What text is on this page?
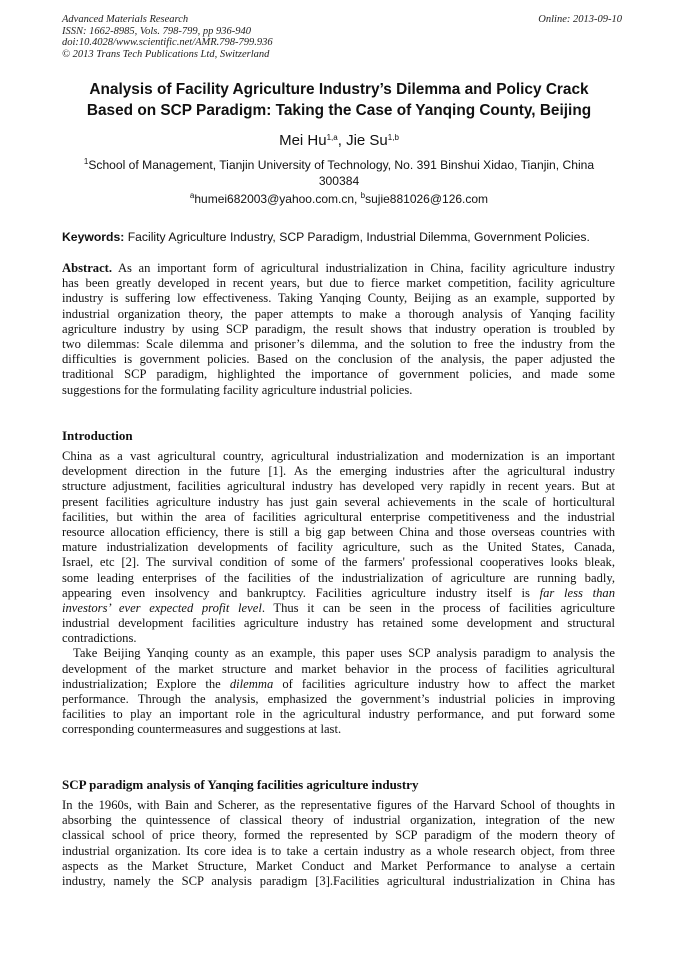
Advanced Materials Research
ISSN: 1662-8985, Vols. 798-799, pp 936-940
doi:10.4028/www.scientific.net/AMR.798-799.936
© 2013 Trans Tech Publications Ltd, Switzerland
Online: 2013-09-10
Analysis of Facility Agriculture Industry’s Dilemma and Policy Crack
Based on SCP Paradigm: Taking the Case of Yanqing County, Beijing
Mei Hu$^{1,a}$, Jie Su$^{1,b}$
$^1$School of Management, Tianjin University of Technology, No. 391 Binshui Xidao, Tianjin, China
300384
$^a$humei682003@yahoo.com.cn, $^b$sujie881026@126.com
Keywords: Facility Agriculture Industry, SCP Paradigm, Industrial Dilemma, Government Policies.
Abstract. As an important form of agricultural industrialization in China, facility agriculture industry
has been greatly developed in recent years, but due to fierce market competition, facility agriculture
industry is suffering low effectiveness. Taking Yanqing County, Beijing as an example, supported by
industrial organization theory, the paper attempts to make a thorough analysis of Yanqing facility
agriculture industry by using SCP paradigm, the result shows that industry operation is troubled by
two dilemmas: Scale dilemma and prisoner’s dilemma, and the solution to free the industry from the
difficulties is government policies. Based on the conclusion of the analysis, the paper adjusted the
traditional SCP paradigm, highlighted the importance of government policies, and made some
suggestions for the formulating facility agriculture industrial policies.
Introduction
China as a vast agricultural country, agricultural industrialization and modernization is an important
development direction in the future [1]. As the emerging industries after the agricultural industry
structure adjustment, facilities agricultural industry has developed very rapidly in recent years. But at
present facilities agriculture industry has just gain several achievements in the scale of horticultural
facilities, but within the area of facilities agricultural enterprise competitiveness and the industrial
resource allocation efficiency, there is still a big gap between China and those overseas countries with
mature industrialization developments of facility agriculture, such as the United States, Canada,
Israel, etc [2]. The survival condition of some of the farmers' professional cooperatives looks bleak,
some leading enterprises of the facilities of the industrialization of agriculture are running badly,
appearing even insolvency and bankruptcy. Facilities agriculture industry itself is far less than
investors’ ever expected profit level. Thus it can be seen in the process of facilities agriculture
industrial development facilities agriculture industry has retained some development and structural
contradictions.
Take Beijing Yanqing county as an example, this paper uses SCP analysis paradigm to analysis the
development of the market structure and market behavior in the process of facilities agricultural
industrialization; Explore the dilemma of facilities agriculture industry how to affect the market
performance. Through the analysis, emphasized the government’s industrial policies in improving
facilities to play an important role in the agricultural industry performance, and put forward some
corresponding countermeasures and suggestions at last.
SCP paradigm analysis of Yanqing facilities agriculture industry
In the 1960s, with Bain and Scherer, as the representative figures of the Harvard School of thoughts in
absorbing the quintessence of classical theory of industrial organization, integration of the new
classical school of price theory, formed the represented by SCP paradigm of the modern theory of
industrial organization. Its core idea is to take a certain industry as a whole research object, from three
aspects as the Market Structure, Market Conduct and Market Performance to analyse a certain
industry, namely the SCP analysis paradigm [3].Facilities agricultural industrialization in China has
